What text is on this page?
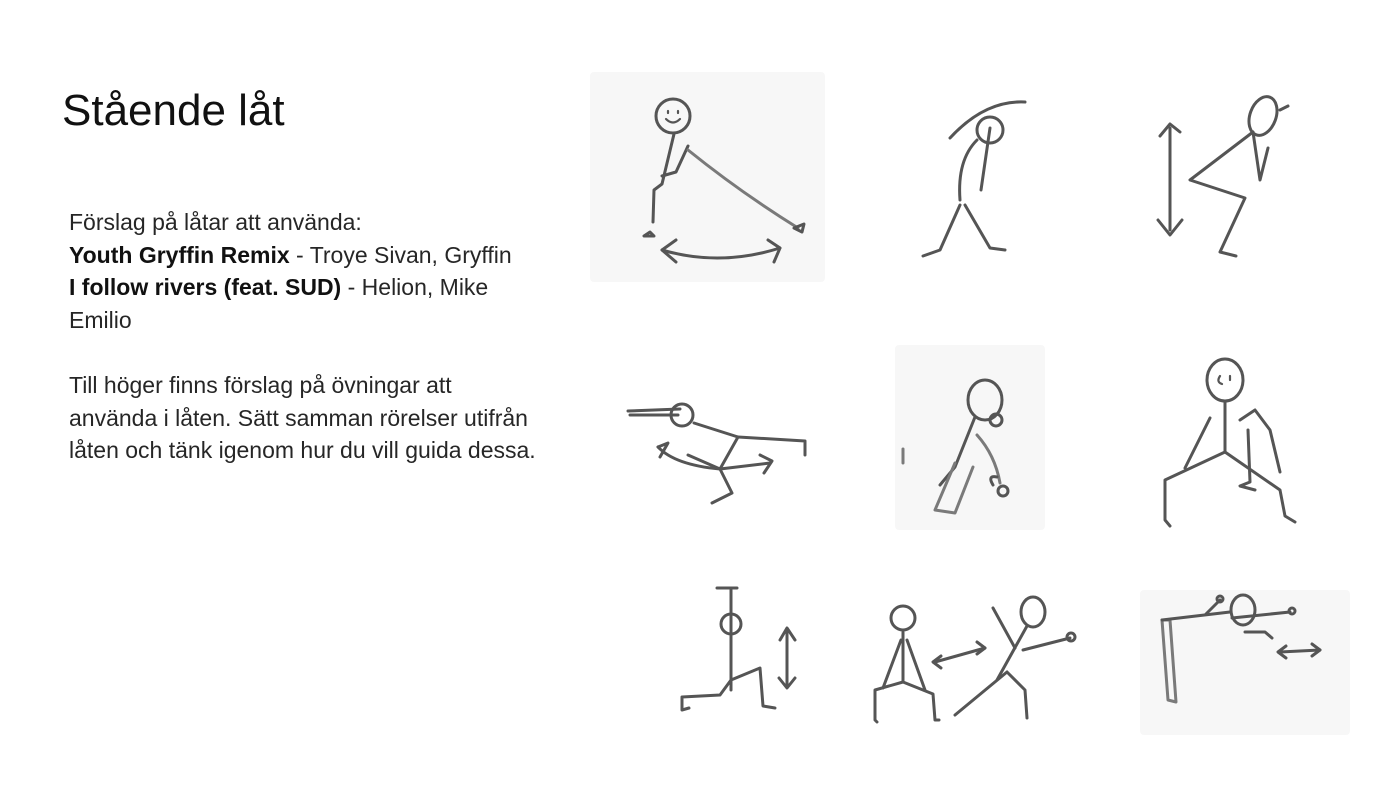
Stående låt

Förslag på låtar att använda:

Youth Gryffin Remix - Troye Sivan, Gryffin

I follow rivers (feat. SUD) - Helion, Mike Emilio

Till höger finns förslag på övningar att använda i låten. Sätt samman rörelser utifrån låten och tänk igenom hur du vill guida dessa.
